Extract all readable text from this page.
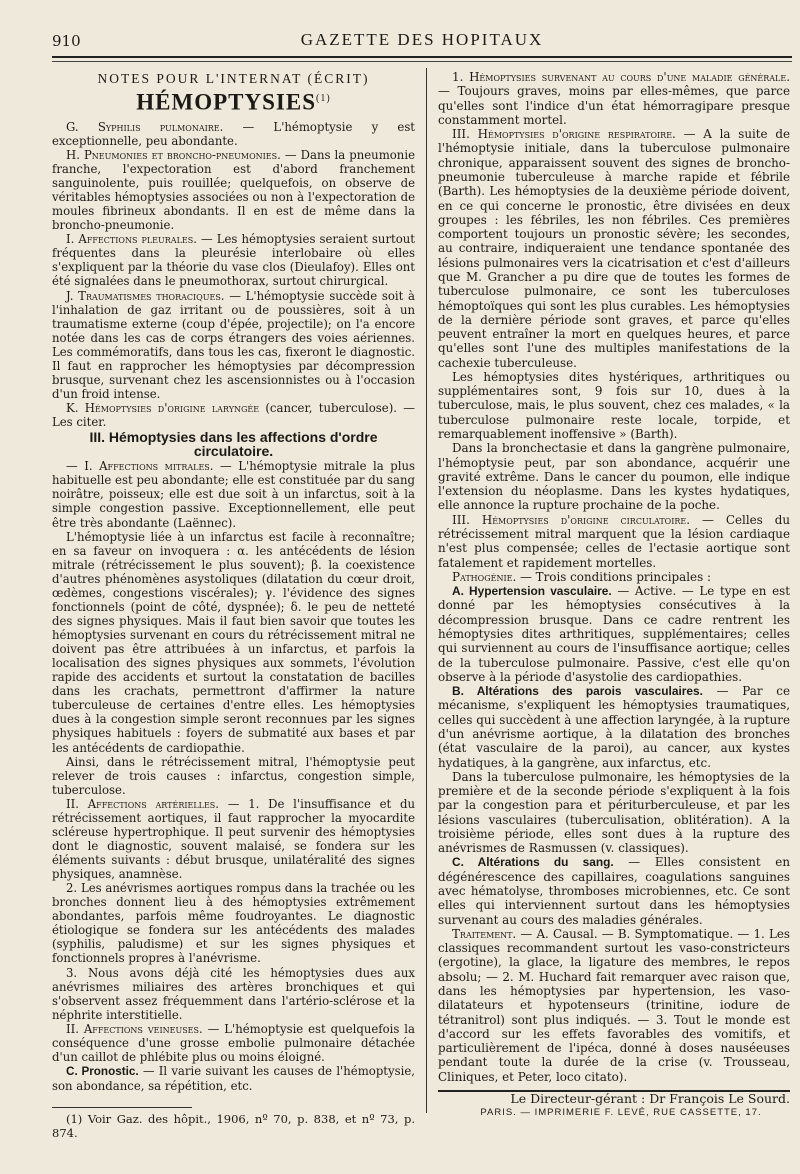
910	GAZETTE DES HOPITAUX
NOTES POUR L'INTERNAT (ÉCRIT)
HÉMOPTYSIES$^{(1)}$

G. Syphilis pulmonaire. — L'hémoptysie y est exceptionnelle, peu abondante.

H. Pneumonies et broncho-pneumonies. — Dans la pneumonie franche, l'expectoration est d'abord franchement sanguinolente, puis rouillée; quelquefois, on observe de véritables hémoptysies associées ou non à l'expectoration de moules fibrineux abondants. Il en est de même dans la broncho-pneumonie.

I. Affections pleurales. — Les hémoptysies seraient surtout fréquentes dans la pleurésie interlobaire où elles s'expliquent par la théorie du vase clos (Dieulafoy). Elles ont été signalées dans le pneumothorax, surtout chirurgical.

J. Traumatismes thoraciques. — L'hémoptysie succède soit à l'inhalation de gaz irritant ou de poussières, soit à un traumatisme externe (coup d'épée, projectile); on l'a encore notée dans les cas de corps étrangers des voies aériennes. Les commémoratifs, dans tous les cas, fixeront le diagnostic. Il faut en rapprocher les hémoptysies par décompression brusque, survenant chez les ascensionnistes ou à l'occasion d'un froid intense.

K. Hémoptysies d'origine laryngée (cancer, tuberculose). — Les citer.

III. Hémoptysies dans les affections d'ordre circulatoire.

— I. Affections mitrales. — L'hémoptysie mitrale la plus habituelle est peu abondante; elle est constituée par du sang noirâtre, poisseux; elle est due soit à un infarctus, soit à la simple congestion passive. Exceptionnellement, elle peut être très abondante (Laënnec).

L'hémoptysie liée à un infarctus est facile à reconnaître; en sa faveur on invoquera : α. les antécédents de lésion mitrale (rétrécissement le plus souvent); β. la coexistence d'autres phénomènes asystoliques (dilatation du cœur droit, œdèmes, congestions viscérales); γ. l'évidence des signes fonctionnels (point de côté, dyspnée); δ. le peu de netteté des signes physiques. Mais il faut bien savoir que toutes les hémoptysies survenant en cours du rétrécissement mitral ne doivent pas être attribuées à un infarctus, et parfois la localisation des signes physiques aux sommets, l'évolution rapide des accidents et surtout la constatation de bacilles dans les crachats, permettront d'affirmer la nature tuberculeuse de certaines d'entre elles. Les hémoptysies dues à la congestion simple seront reconnues par les signes physiques habituels : foyers de submatité aux bases et par les antécédents de cardiopathie.

Ainsi, dans le rétrécissement mitral, l'hémoptysie peut relever de trois causes : infarctus, congestion simple, tuberculose.

II. Affections artérielles. — 1. De l'insuffisance et du rétrécissement aortiques, il faut rapprocher la myocardite scléreuse hypertrophique. Il peut survenir des hémoptysies dont le diagnostic, souvent malaisé, se fondera sur les éléments suivants : début brusque, unilatéralité des signes physiques, anamnèse.

2. Les anévrismes aortiques rompus dans la trachée ou les bronches donnent lieu à des hémoptysies extrêmement abondantes, parfois même foudroyantes. Le diagnostic étiologique se fondera sur les antécédents des malades (syphilis, paludisme) et sur les signes physiques et fonctionnels propres à l'anévrisme.

3. Nous avons déjà cité les hémoptysies dues aux anévrismes miliaires des artères bronchiques et qui s'observent assez fréquemment dans l'artério-sclérose et la néphrite interstitielle.

II. Affections veineuses. — L'hémoptysie est quelquefois la conséquence d'une grosse embolie pulmonaire détachée d'un caillot de phlébite plus ou moins éloigné.

C. Pronostic. — Il varie suivant les causes de l'hémoptysie, son abondance, sa répétition, etc.

(1) Voir Gaz. des hôpit., 1906, nº 70, p. 838, et nº 73, p. 874.

1. Hémoptysies survenant au cours d'une maladie générale. — Toujours graves, moins par elles-mêmes, que parce qu'elles sont l'indice d'un état hémorragipare presque constamment mortel.

III. Hémoptysies d'origine respiratoire. — A la suite de l'hémoptysie initiale, dans la tuberculose pulmonaire chronique, apparaissent souvent des signes de broncho-pneumonie tuberculeuse à marche rapide et fébrile (Barth). Les hémoptysies de la deuxième période doivent, en ce qui concerne le pronostic, être divisées en deux groupes : les fébriles, les non fébriles. Ces premières comportent toujours un pronostic sévère; les secondes, au contraire, indiqueraient une tendance spontanée des lésions pulmonaires vers la cicatrisation et c'est d'ailleurs que M. Grancher a pu dire que de toutes les formes de tuberculose pulmonaire, ce sont les tuberculoses hémoptoïques qui sont les plus curables. Les hémoptysies de la dernière période sont graves, et parce qu'elles peuvent entraîner la mort en quelques heures, et parce qu'elles sont l'une des multiples manifestations de la cachexie tuberculeuse.

Les hémoptysies dites hystériques, arthritiques ou supplémentaires sont, 9 fois sur 10, dues à la tuberculose, mais, le plus souvent, chez ces malades, « la tuberculose pulmonaire reste locale, torpide, et remarquablement inoffensive » (Barth).

Dans la bronchectasie et dans la gangrène pulmonaire, l'hémoptysie peut, par son abondance, acquérir une gravité extrême. Dans le cancer du poumon, elle indique l'extension du néoplasme. Dans les kystes hydatiques, elle annonce la rupture prochaine de la poche.

III. Hémoptysies d'origine circulatoire. — Celles du rétrécissement mitral marquent que la lésion cardiaque n'est plus compensée; celles de l'ectasie aortique sont fatalement et rapidement mortelles.

Pathogénie. — Trois conditions principales :

A. Hypertension vasculaire. — Active. — Le type en est donné par les hémoptysies consécutives à la décompression brusque. Dans ce cadre rentrent les hémoptysies dites arthritiques, supplémentaires; celles qui surviennent au cours de l'insuffisance aortique; celles de la tuberculose pulmonaire. Passive, c'est elle qu'on observe à la période d'asystolie des cardiopathies.

B. Altérations des parois vasculaires. — Par ce mécanisme, s'expliquent les hémoptysies traumatiques, celles qui succèdent à une affection laryngée, à la rupture d'un anévrisme aortique, à la dilatation des bronches (état vasculaire de la paroi), au cancer, aux kystes hydatiques, à la gangrène, aux infarctus, etc.

Dans la tuberculose pulmonaire, les hémoptysies de la première et de la seconde période s'expliquent à la fois par la congestion para et périturberculeuse, et par les lésions vasculaires (tuberculisation, oblitération). A la troisième période, elles sont dues à la rupture des anévrismes de Rasmussen (v. classiques).

C. Altérations du sang. — Elles consistent en dégénérescence des capillaires, coagulations sanguines avec hématolyse, thromboses microbiennes, etc. Ce sont elles qui interviennent surtout dans les hémoptysies survenant au cours des maladies générales.

Traitement. — A. Causal. — B. Symptomatique. — 1. Les classiques recommandent surtout les vaso-constricteurs (ergotine), la glace, la ligature des membres, le repos absolu; — 2. M. Huchard fait remarquer avec raison que, dans les hémoptysies par hypertension, les vaso-dilatateurs et hypotenseurs (trinitine, iodure de tétranitrol) sont plus indiqués. — 3. Tout le monde est d'accord sur les effets favorables des vomitifs, et particulièrement de l'ipéca, donné à doses nauséeuses pendant toute la durée de la crise (v. Trousseau, Cliniques, et Peter, loco citato).

Le Directeur-gérant : Dr François Le Sourd.

PARIS. — IMPRIMERIE F. LEVÉ, RUE CASSETTE, 17.
